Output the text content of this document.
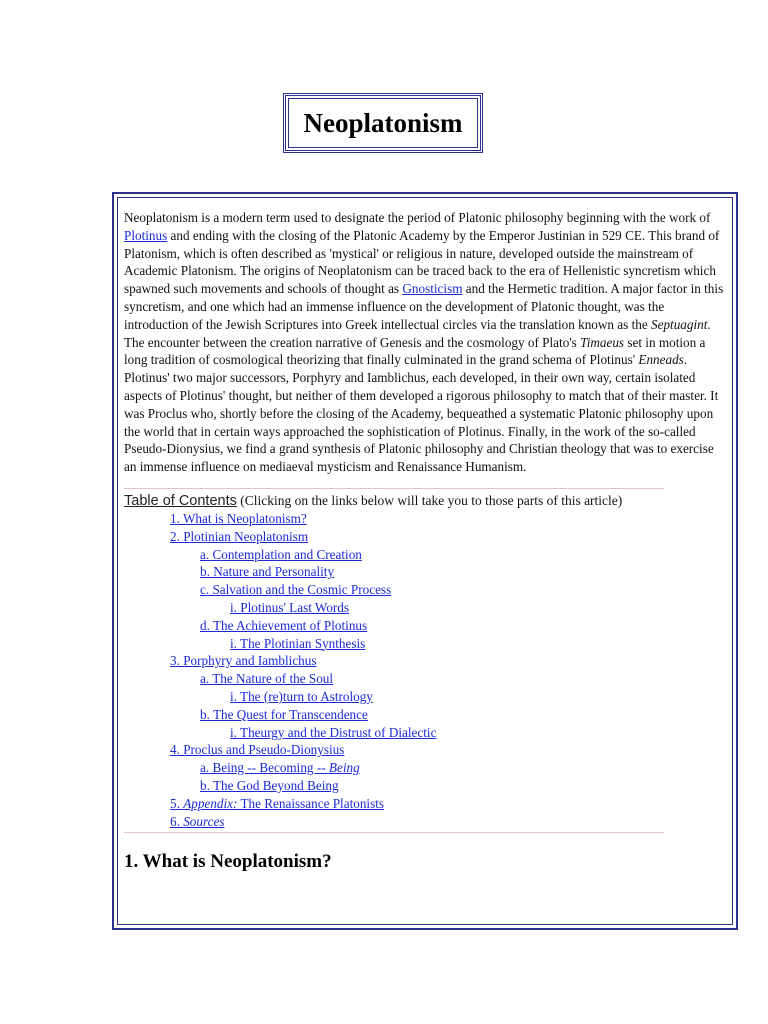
Neoplatonism

Neoplatonism is a modern term used to designate the period of Platonic philosophy beginning with the work of Plotinus and ending with the closing of the Platonic Academy by the Emperor Justinian in 529 CE. This brand of Platonism, which is often described as 'mystical' or religious in nature, developed outside the mainstream of Academic Platonism. The origins of Neoplatonism can be traced back to the era of Hellenistic syncretism which spawned such movements and schools of thought as Gnosticism and the Hermetic tradition. A major factor in this syncretism, and one which had an immense influence on the development of Platonic thought, was the introduction of the Jewish Scriptures into Greek intellectual circles via the translation known as the Septuagint. The encounter between the creation narrative of Genesis and the cosmology of Plato's Timaeus set in motion a long tradition of cosmological theorizing that finally culminated in the grand schema of Plotinus' Enneads. Plotinus' two major successors, Porphyry and Iamblichus, each developed, in their own way, certain isolated aspects of Plotinus' thought, but neither of them developed a rigorous philosophy to match that of their master. It was Proclus who, shortly before the closing of the Academy, bequeathed a systematic Platonic philosophy upon the world that in certain ways approached the sophistication of Plotinus. Finally, in the work of the so-called Pseudo-Dionysius, we find a grand synthesis of Platonic philosophy and Christian theology that was to exercise an immense influence on mediaeval mysticism and Renaissance Humanism.

Table of Contents (Clicking on the links below will take you to those parts of this article)
1. What is Neoplatonism?
2. Plotinian Neoplatonism
a. Contemplation and Creation
b. Nature and Personality
c. Salvation and the Cosmic Process
i. Plotinus' Last Words
d. The Achievement of Plotinus
i. The Plotinian Synthesis
3. Porphyry and Iamblichus
a. The Nature of the Soul
i. The (re)turn to Astrology
b. The Quest for Transcendence
i. Theurgy and the Distrust of Dialectic
4. Proclus and Pseudo-Dionysius
a. Being -- Becoming -- Being
b. The God Beyond Being
5. Appendix: The Renaissance Platonists
6. Sources
1. What is Neoplatonism?
